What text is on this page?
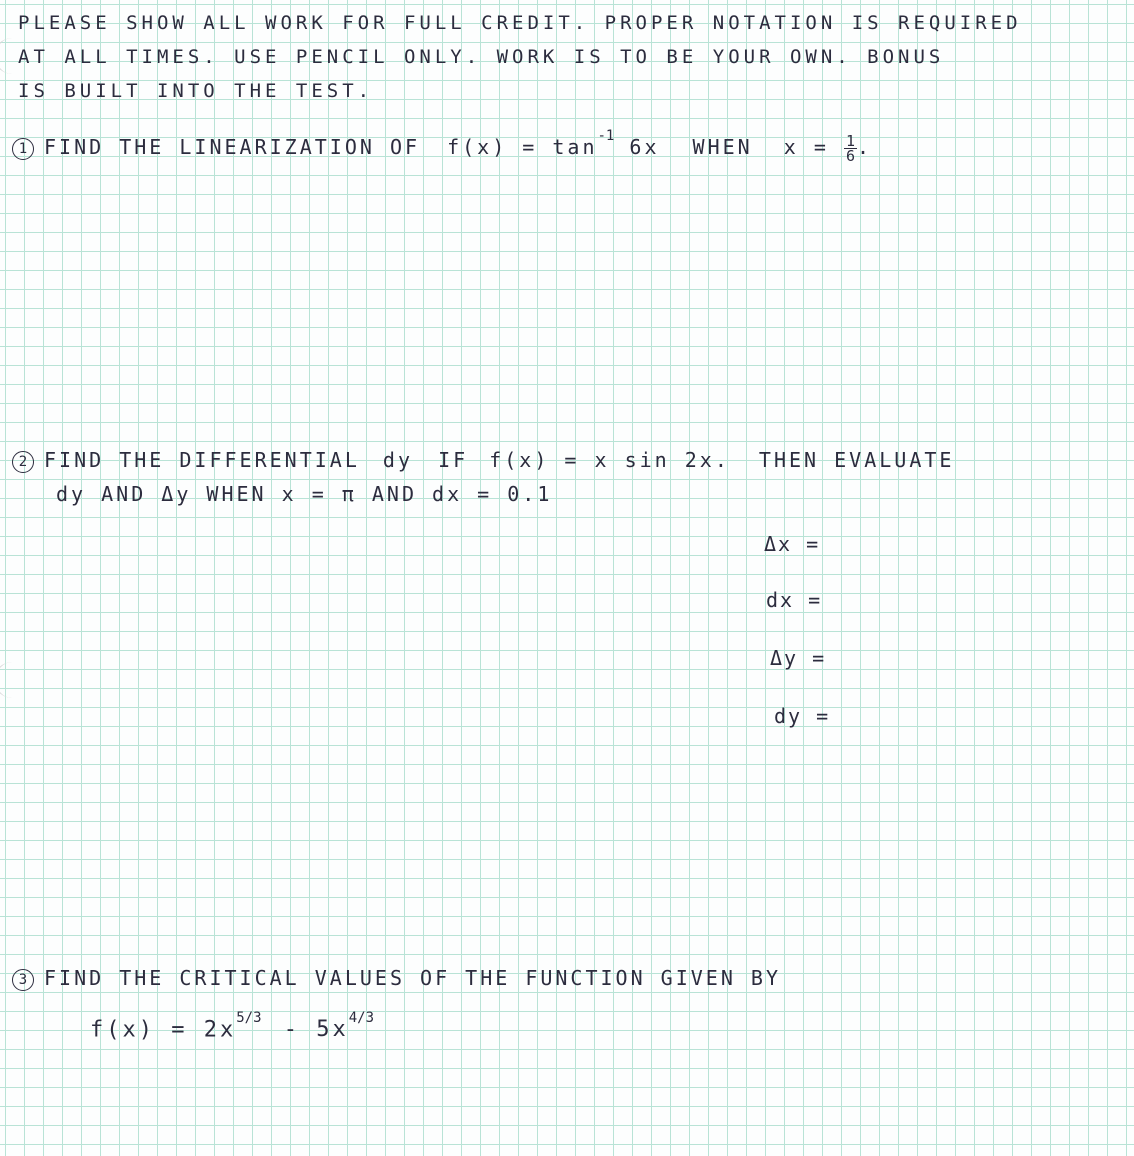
PLEASE SHOW ALL WORK FOR FULL CREDIT. PROPER NOTATION IS REQUIRED
AT ALL TIMES. USE PENCIL ONLY. WORK IS TO BE YOUR OWN. BONUS
IS BUILT INTO THE TEST.
1 FIND THE LINEARIZATION OF $f(x) = \tan^{-1} 6x$ WHEN $x = \frac{1}{6}$ .
2 FIND THE DIFFERENTIAL dy IF f(x) = x sin 2x. THEN EVALUATE
dy AND Δy WHEN x = π AND dx = 0.1
Δx =
dx =
Δy =
dy =
3 FIND THE CRITICAL VALUES OF THE FUNCTION GIVEN BY
$f(x) = 2x^{5/3} - 5x^{4/3}$
